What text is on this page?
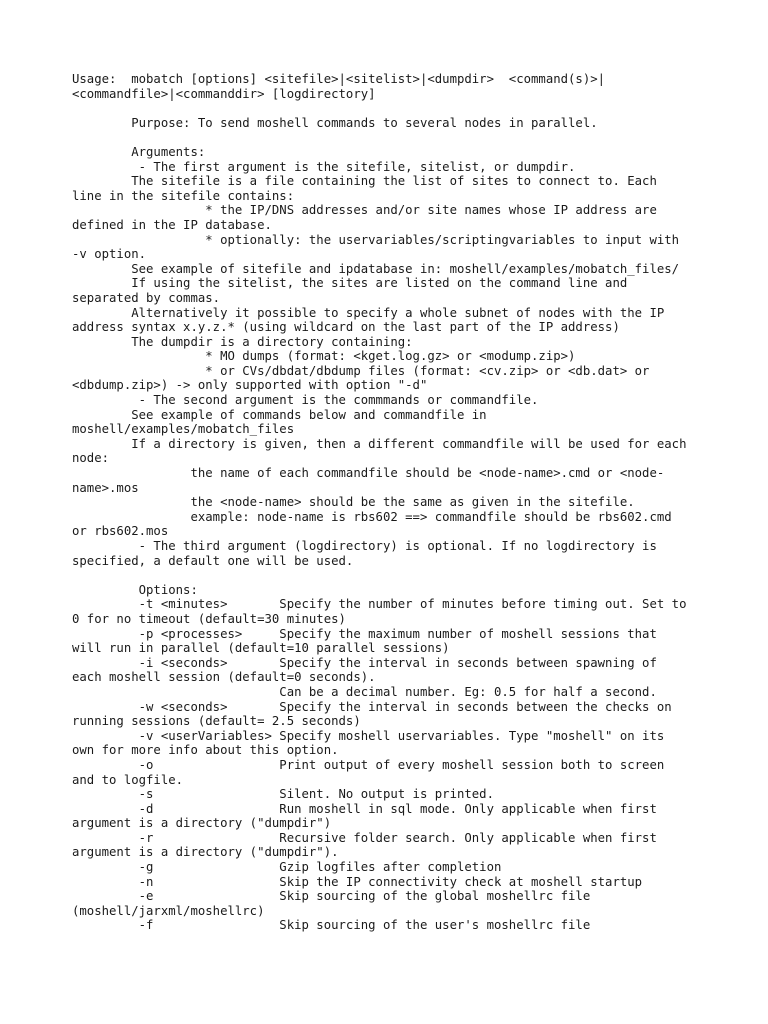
Usage:  mobatch [options] <sitefile>|<sitelist>|<dumpdir>  <command(s)>|
<commandfile>|<commanddir> [logdirectory]
Purpose: To send moshell commands to several nodes in parallel.
Arguments:
- The first argument is the sitefile, sitelist, or dumpdir.
The sitefile is a file containing the list of sites to connect to. Each
line in the sitefile contains:
* the IP/DNS addresses and/or site names whose IP address are
defined in the IP database.
* optionally: the uservariables/scriptingvariables to input with
-v option.
See example of sitefile and ipdatabase in: moshell/examples/mobatch_files/
If using the sitelist, the sites are listed on the command line and
separated by commas.
Alternatively it possible to specify a whole subnet of nodes with the IP
address syntax x.y.z.* (using wildcard on the last part of the IP address)
The dumpdir is a directory containing:
* MO dumps (format: <kget.log.gz> or <modump.zip>)
* or CVs/dbdat/dbdump files (format: <cv.zip> or <db.dat> or
<dbdump.zip>) -> only supported with option "-d"
- The second argument is the commmands or commandfile.
See example of commands below and commandfile in
moshell/examples/mobatch_files
If a directory is given, then a different commandfile will be used for each
node:
the name of each commandfile should be <node-name>.cmd or <node-
name>.mos
the <node-name> should be the same as given in the sitefile.
example: node-name is rbs602 ==> commandfile should be rbs602.cmd
or rbs602.mos
- The third argument (logdirectory) is optional. If no logdirectory is
specified, a default one will be used.
Options:
-t <minutes>       Specify the number of minutes before timing out. Set to
0 for no timeout (default=30 minutes)
-p <processes>     Specify the maximum number of moshell sessions that
will run in parallel (default=10 parallel sessions)
-i <seconds>       Specify the interval in seconds between spawning of
each moshell session (default=0 seconds).
Can be a decimal number. Eg: 0.5 for half a second.
-w <seconds>       Specify the interval in seconds between the checks on
running sessions (default= 2.5 seconds)
-v <userVariables> Specify moshell uservariables. Type "moshell" on its
own for more info about this option.
-o                 Print output of every moshell session both to screen
and to logfile.
-s                 Silent. No output is printed.
-d                 Run moshell in sql mode. Only applicable when first
argument is a directory ("dumpdir")
-r                 Recursive folder search. Only applicable when first
argument is a directory ("dumpdir").
-g                 Gzip logfiles after completion
-n                 Skip the IP connectivity check at moshell startup
-e                 Skip sourcing of the global moshellrc file
(moshell/jarxml/moshellrc)
-f                 Skip sourcing of the user's moshellrc file
